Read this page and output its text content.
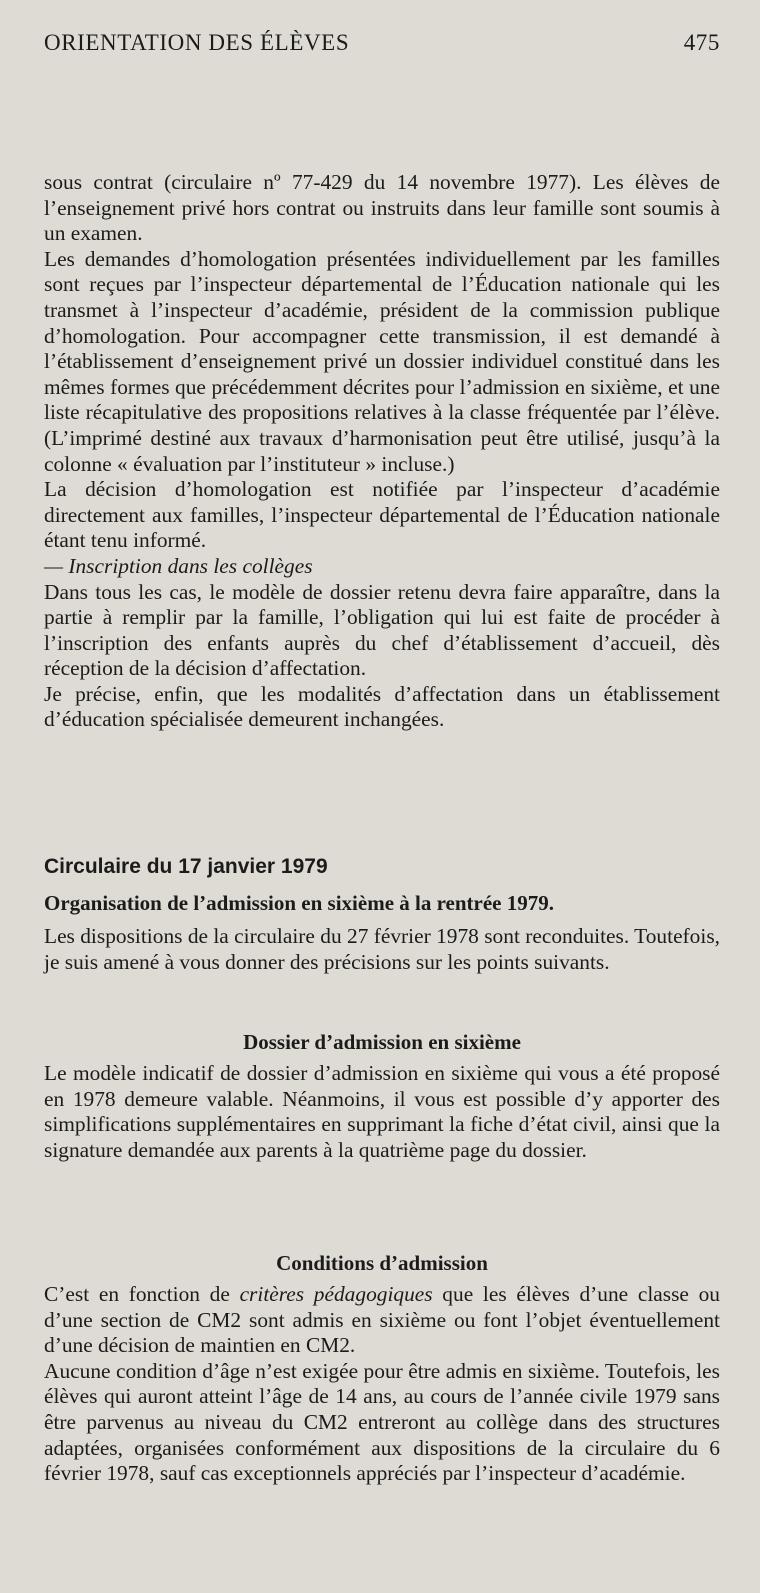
ORIENTATION DES ÉLÈVES	475

sous contrat (circulaire nº 77-429 du 14 novembre 1977). Les élèves de l’enseignement privé hors contrat ou instruits dans leur famille sont soumis à un examen.

Les demandes d’homologation présentées individuellement par les familles sont reçues par l’inspecteur départemental de l’Éducation nationale qui les transmet à l’inspecteur d’académie, président de la commission publique d’homologation. Pour accompagner cette transmission, il est demandé à l’établissement d’enseignement privé un dossier individuel constitué dans les mêmes formes que précédemment décrites pour l’admission en sixième, et une liste récapitulative des propositions relatives à la classe fréquentée par l’élève. (L’imprimé destiné aux travaux d’harmonisation peut être utilisé, jusqu’à la colonne « évaluation par l’instituteur » incluse.)

La décision d’homologation est notifiée par l’inspecteur d’académie directement aux familles, l’inspecteur départemental de l’Éducation nationale étant tenu informé.

— Inscription dans les collèges

Dans tous les cas, le modèle de dossier retenu devra faire apparaître, dans la partie à remplir par la famille, l’obligation qui lui est faite de procéder à l’inscription des enfants auprès du chef d’établissement d’accueil, dès réception de la décision d’affectation.

Je précise, enfin, que les modalités d’affectation dans un établissement d’éducation spécialisée demeurent inchangées.

Circulaire du 17 janvier 1979
Organisation de l’admission en sixième à la rentrée 1979.

Les dispositions de la circulaire du 27 février 1978 sont reconduites. Toutefois, je suis amené à vous donner des précisions sur les points suivants.

Dossier d’admission en sixième

Le modèle indicatif de dossier d’admission en sixième qui vous a été proposé en 1978 demeure valable. Néanmoins, il vous est possible d’y apporter des simplifications supplémentaires en supprimant la fiche d’état civil, ainsi que la signature demandée aux parents à la quatrième page du dossier.

Conditions d’admission

C’est en fonction de critères pédagogiques que les élèves d’une classe ou d’une section de CM2 sont admis en sixième ou font l’objet éventuellement d’une décision de maintien en CM2.

Aucune condition d’âge n’est exigée pour être admis en sixième. Toutefois, les élèves qui auront atteint l’âge de 14 ans, au cours de l’année civile 1979 sans être parvenus au niveau du CM2 entreront au collège dans des structures adaptées, organisées conformément aux dispositions de la circulaire du 6 février 1978, sauf cas exceptionnels appréciés par l’inspecteur d’académie.
